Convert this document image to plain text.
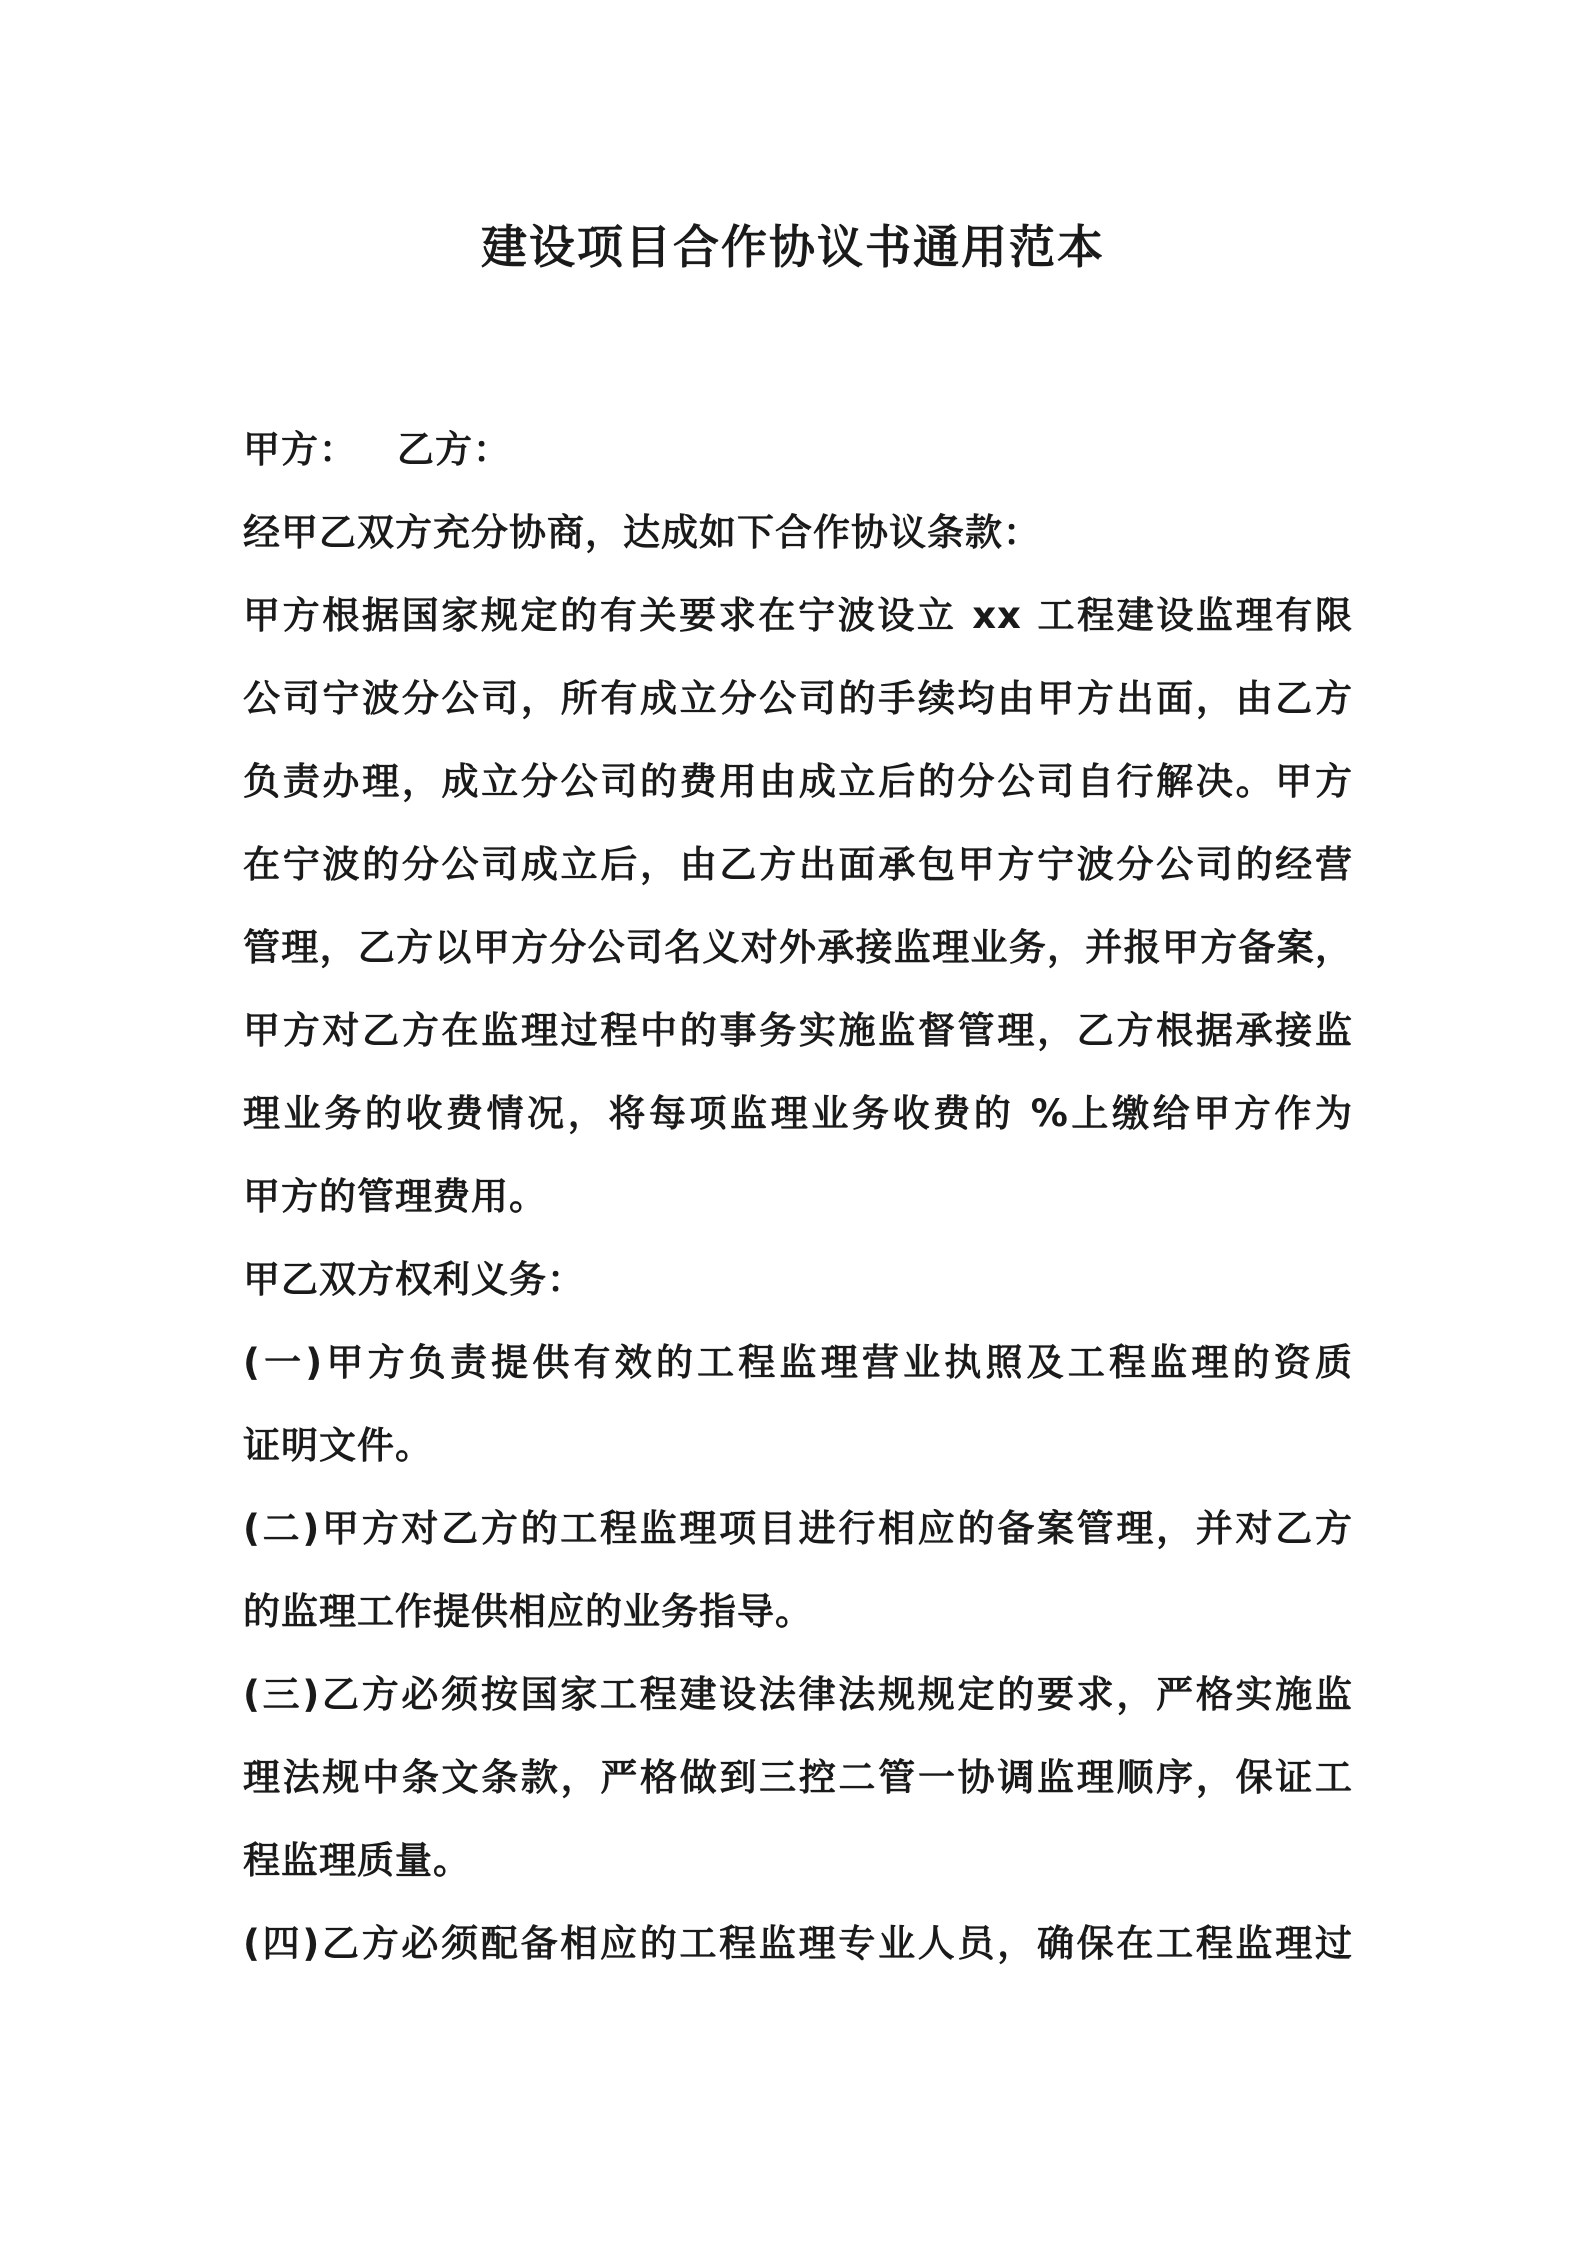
建设项目合作协议书通用范本
甲方： 乙方：
经甲乙双方充分协商，达成如下合作协议条款：
甲方根据国家规定的有关要求在宁波设立 xx 工程建设监理有限
公司宁波分公司，所有成立分公司的手续均由甲方出面，由乙方
负责办理，成立分公司的费用由成立后的分公司自行解决。甲方
在宁波的分公司成立后，由乙方出面承包甲方宁波分公司的经营
管理，乙方以甲方分公司名义对外承接监理业务，并报甲方备案，
甲方对乙方在监理过程中的事务实施监督管理，乙方根据承接监
理业务的收费情况，将每项监理业务收费的 %上缴给甲方作为
甲方的管理费用。
甲乙双方权利义务：
(一)甲方负责提供有效的工程监理营业执照及工程监理的资质
证明文件。
(二)甲方对乙方的工程监理项目进行相应的备案管理，并对乙方
的监理工作提供相应的业务指导。
(三)乙方必须按国家工程建设法律法规规定的要求，严格实施监
理法规中条文条款，严格做到三控二管一协调监理顺序，保证工
程监理质量。
(四)乙方必须配备相应的工程监理专业人员，确保在工程监理过
